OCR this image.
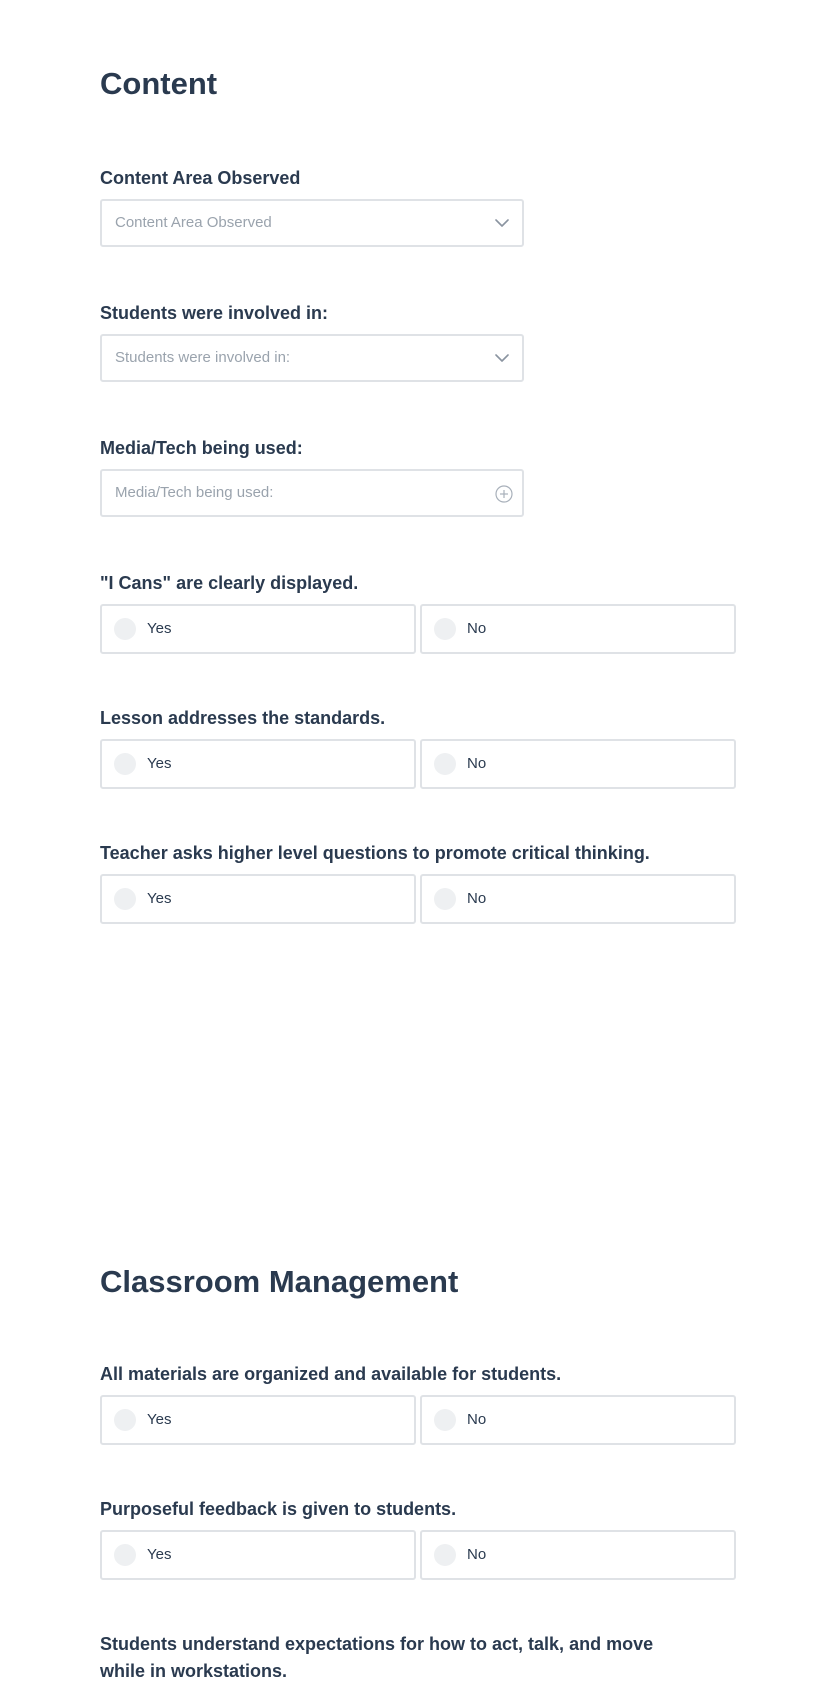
Content

Content Area Observed

Content Area Observed

Students were involved in:

Students were involved in:

Media/Tech being used:

Media/Tech being used:

"I Cans" are clearly displayed.

Yes	No

Lesson addresses the standards.

Yes	No

Teacher asks higher level questions to promote critical thinking.

Yes	No
Classroom Management

All materials are organized and available for students.

Yes	No

Purposeful feedback is given to students.

Yes	No

Students understand expectations for how to act, talk, and move while in workstations.
